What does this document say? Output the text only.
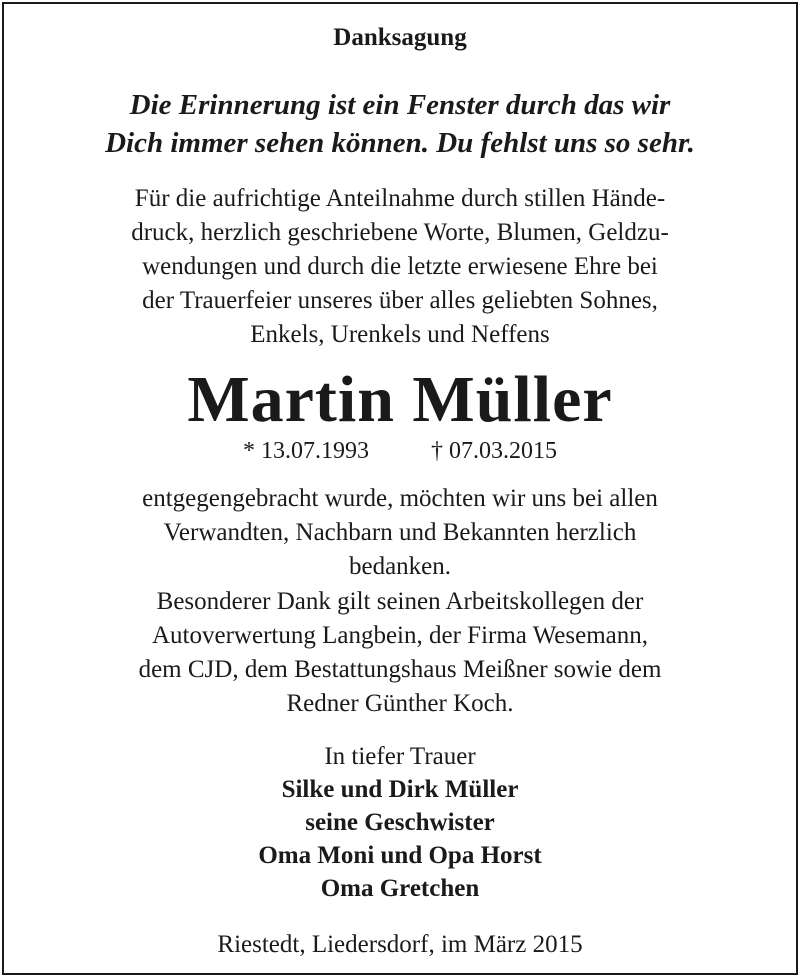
Danksagung
Die Erinnerung ist ein Fenster durch das wir
Dich immer sehen können. Du fehlst uns so sehr.
Für die aufrichtige Anteilnahme durch stillen Hände-
druck, herzlich geschriebene Worte, Blumen, Geldzu-
wendungen und durch die letzte erwiesene Ehre bei
der Trauerfeier unseres über alles geliebten Sohnes,
Enkels, Urenkels und Neffens
Martin Müller
* 13.07.1993	† 07.03.2015
entgegengebracht wurde, möchten wir uns bei allen
Verwandten, Nachbarn und Bekannten herzlich
bedanken.
Besonderer Dank gilt seinen Arbeitskollegen der
Autoverwertung Langbein, der Firma Wesemann,
dem CJD, dem Bestattungshaus Meißner sowie dem
Redner Günther Koch.
In tiefer Trauer
Silke und Dirk Müller
seine Geschwister
Oma Moni und Opa Horst
Oma Gretchen
Riestedt, Liedersdorf, im März 2015
